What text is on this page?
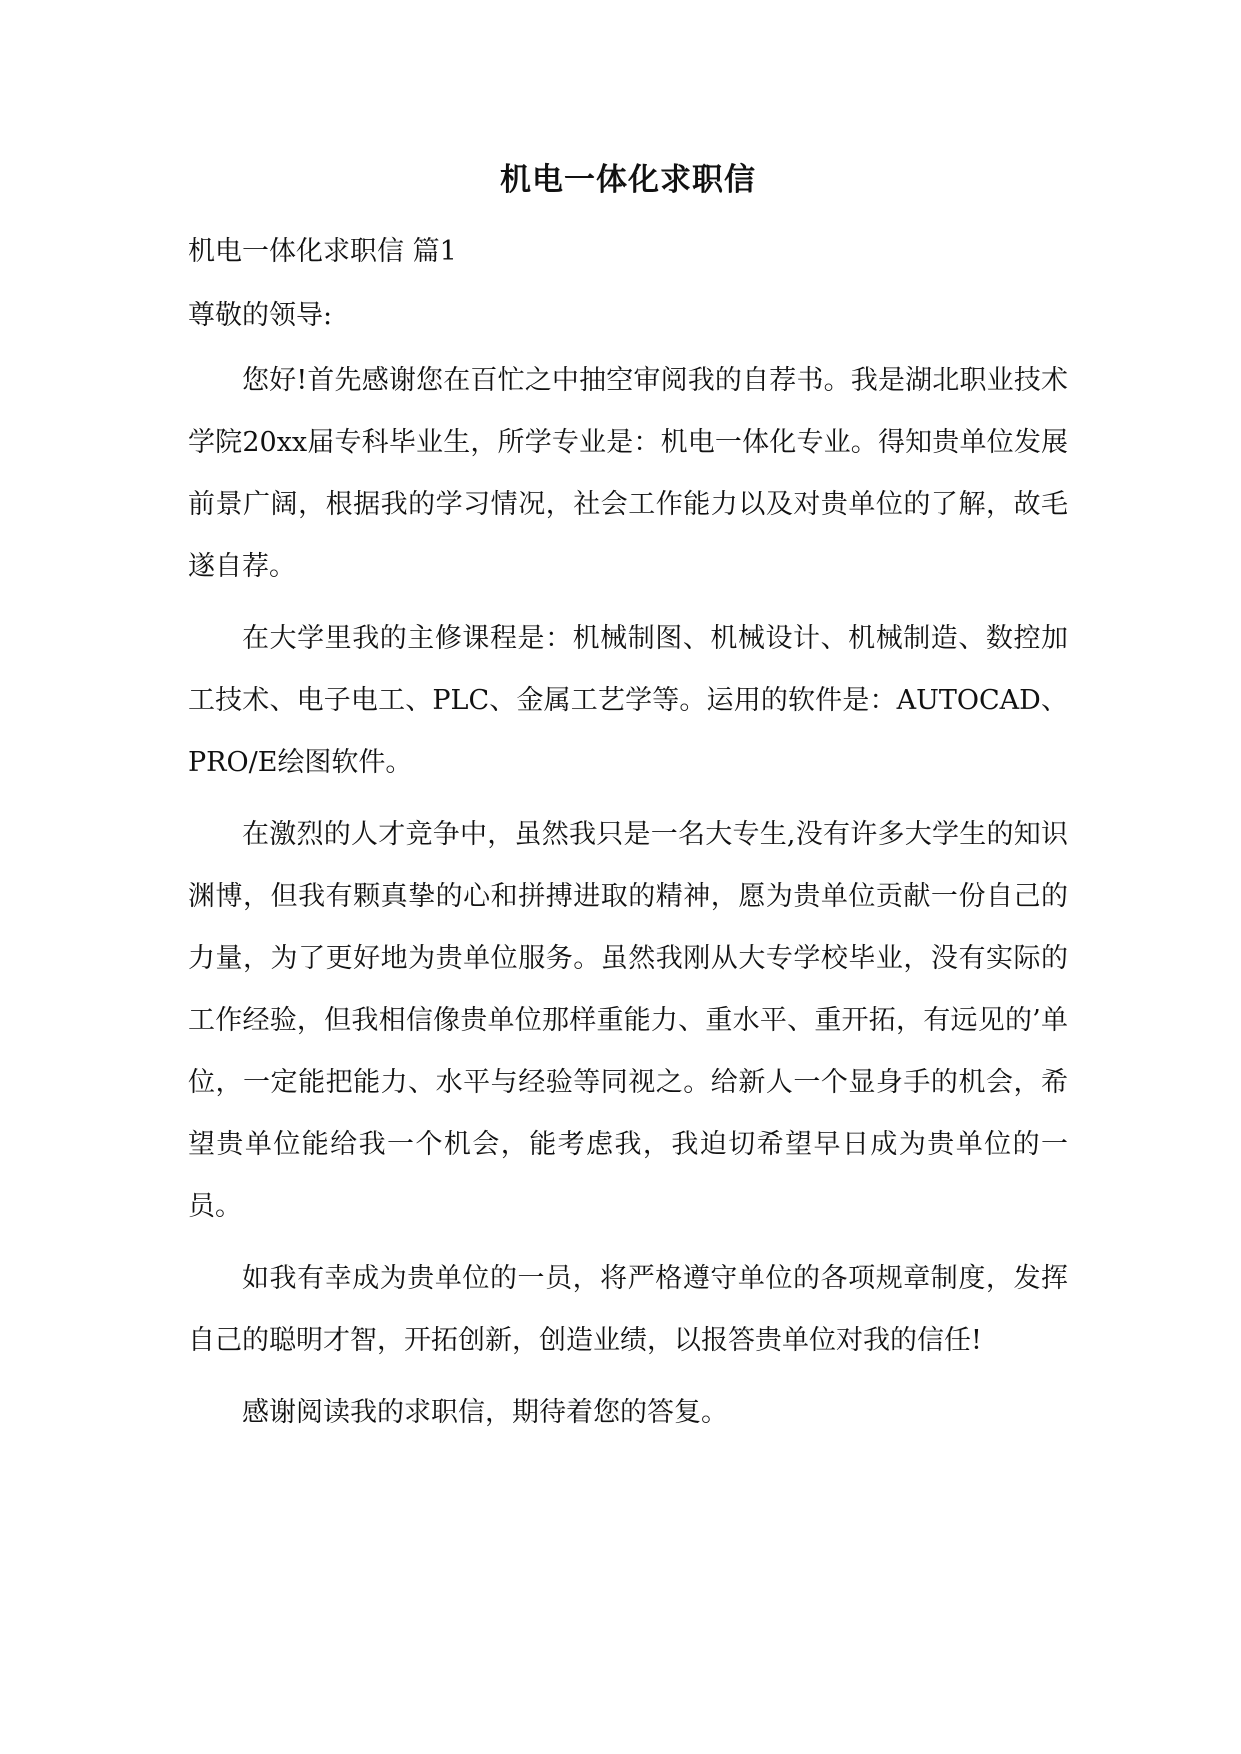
机电一体化求职信
机电一体化求职信 篇1
尊敬的领导:

您好!首先感谢您在百忙之中抽空审阅我的自荐书。我是湖北职业技术学院20xx届专科毕业生，所学专业是：机电一体化专业。得知贵单位发展前景广阔，根据我的学习情况，社会工作能力以及对贵单位的了解，故毛遂自荐。

在大学里我的主修课程是：机械制图、机械设计、机械制造、数控加工技术、电子电工、PLC、金属工艺学等。运用的软件是：AUTOCAD、PRO/E绘图软件。

在激烈的人才竞争中，虽然我只是一名大专生,没有许多大学生的知识渊博，但我有颗真挚的心和拼搏进取的精神，愿为贵单位贡献一份自己的力量，为了更好地为贵单位服务。虽然我刚从大专学校毕业，没有实际的工作经验，但我相信像贵单位那样重能力、重水平、重开拓，有远见的’单位，一定能把能力、水平与经验等同视之。给新人一个显身手的机会，希望贵单位能给我一个机会，能考虑我，我迫切希望早日成为贵单位的一员。

如我有幸成为贵单位的一员，将严格遵守单位的各项规章制度，发挥自己的聪明才智，开拓创新，创造业绩，以报答贵单位对我的信任!

感谢阅读我的求职信，期待着您的答复。
